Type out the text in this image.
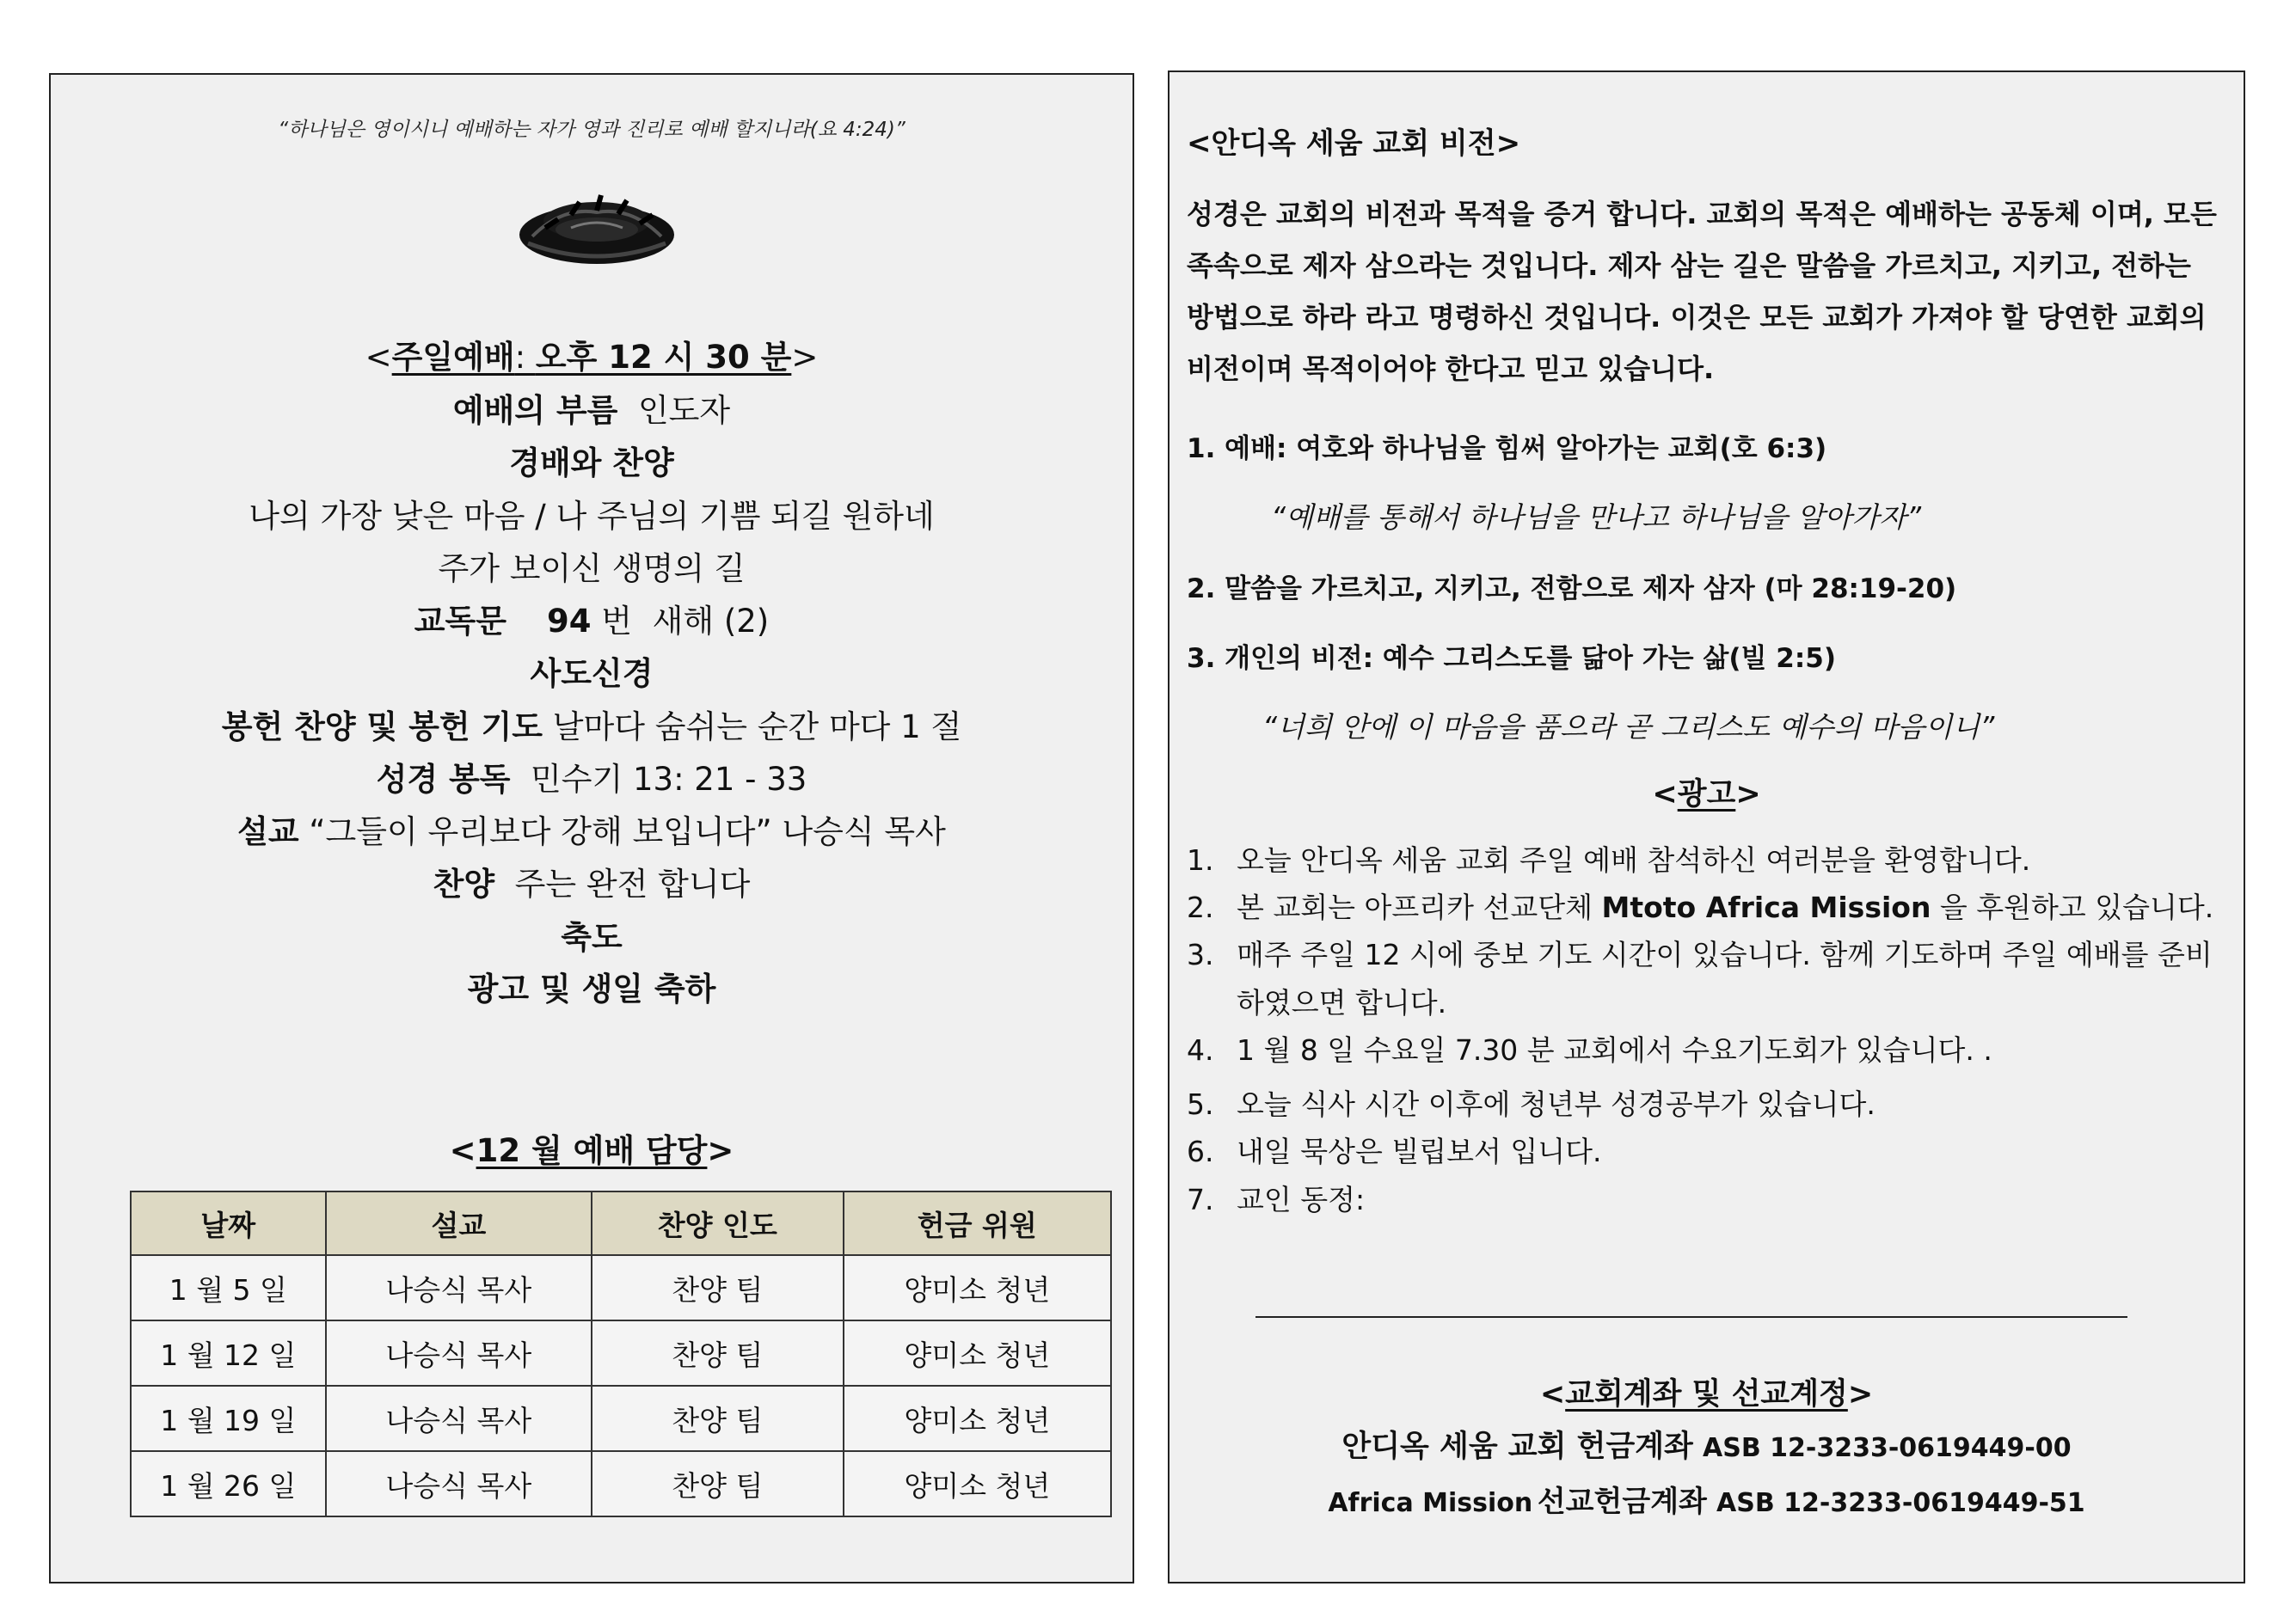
“하나님은 영이시니 예배하는 자가 영과 진리로 예배 할지니라(요 4:24)”
<주일예배: 오후 12 시 30 분>
예배의 부름 인도자
경배와 찬양
나의 가장 낮은 마음 / 나 주님의 기쁨 되길 원하네
주가 보이신 생명의 길
교독문 94 번 새해 (2)
사도신경
봉헌 찬양 및 봉헌 기도 날마다 숨쉬는 순간 마다 1 절
성경 봉독 민수기 13: 21 - 33
설교 “그들이 우리보다 강해 보입니다” 나승식 목사
찬양 주는 완전 합니다
축도
광고 및 생일 축하
<12 월 예배 담당>
날짜	설교	찬양 인도	헌금 위원
1 월 5 일	나승식 목사	찬양 팀	양미소 청년
1 월 12 일	나승식 목사	찬양 팀	양미소 청년
1 월 19 일	나승식 목사	찬양 팀	양미소 청년
1 월 26 일	나승식 목사	찬양 팀	양미소 청년
<안디옥 세움 교회 비전>
성경은 교회의 비전과 목적을 증거 합니다. 교회의 목적은 예배하는 공동체 이며, 모든
족속으로 제자 삼으라는 것입니다. 제자 삼는 길은 말씀을 가르치고, 지키고, 전하는
방법으로 하라 라고 명령하신 것입니다. 이것은 모든 교회가 가져야 할 당연한 교회의
비전이며 목적이어야 한다고 믿고 있습니다.
1. 예배: 여호와 하나님을 힘써 알아가는 교회(호 6:3)
“예배를 통해서 하나님을 만나고 하나님을 알아가자”
2. 말씀을 가르치고, 지키고, 전함으로 제자 삼자 (마 28:19-20)
3. 개인의 비전: 예수 그리스도를 닮아 가는 삶(빌 2:5)
“너희 안에 이 마음을 품으라 곧 그리스도 예수의 마음이니”
<광고>
1. 오늘 안디옥 세움 교회 주일 예배 참석하신 여러분을 환영합니다.
2. 본 교회는 아프리카 선교단체 Mtoto Africa Mission 을 후원하고 있습니다.
3. 매주 주일 12 시에 중보 기도 시간이 있습니다. 함께 기도하며 주일 예배를 준비
하였으면 합니다.
4. 1 월 8 일 수요일 7.30 분 교회에서 수요기도회가 있습니다. .
5. 오늘 식사 시간 이후에 청년부 성경공부가 있습니다.
6. 내일 묵상은 빌립보서 입니다.
7. 교인 동정:
<교회계좌 및 선교계정>
안디옥 세움 교회 헌금계좌 ASB 12-3233-0619449-00
Africa Mission 선교헌금계좌 ASB 12-3233-0619449-51
